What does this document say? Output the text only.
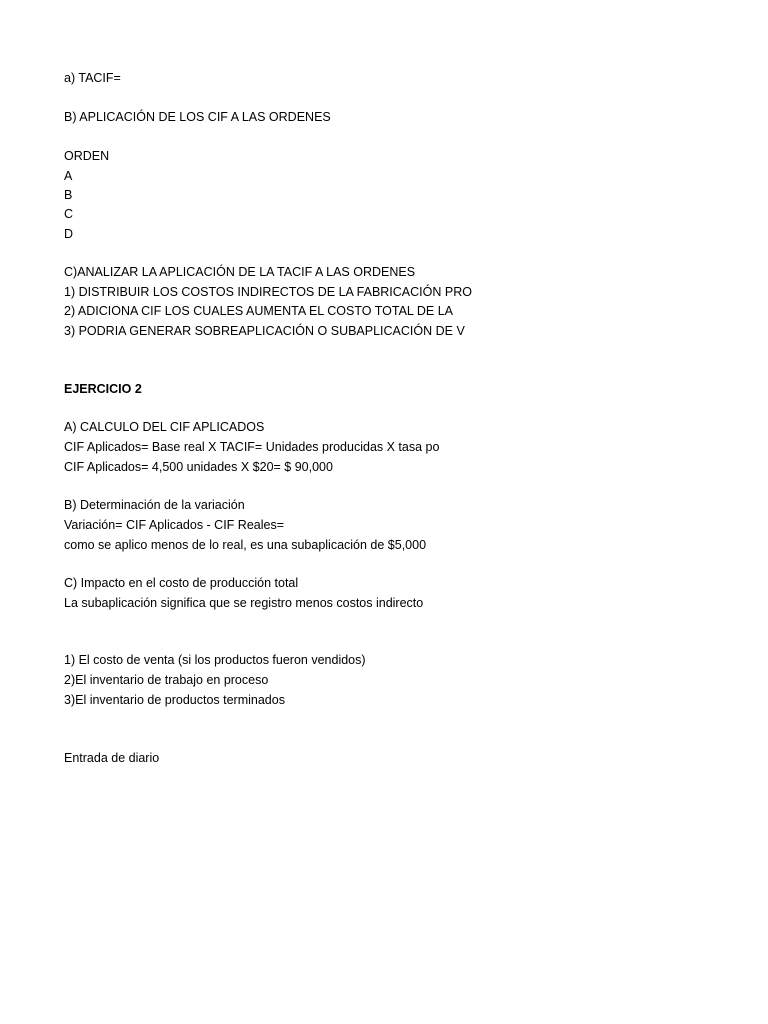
a) TACIF=
B) APLICACIÓN DE LOS CIF A LAS ORDENES
ORDEN
A
B
C
D
C)ANALIZAR LA APLICACIÓN DE LA TACIF A LAS ORDENES
1) DISTRIBUIR LOS COSTOS INDIRECTOS DE LA FABRICACIÓN PRO
2) ADICIONA CIF LOS CUALES AUMENTA EL COSTO TOTAL DE LA
3) PODRIA GENERAR SOBREAPLICACIÓN O SUBAPLICACIÓN DE V
EJERCICIO 2
A) CALCULO DEL CIF APLICADOS
CIF Aplicados= Base real X TACIF= Unidades producidas X tasa po
CIF Aplicados= 4,500 unidades X $20= $ 90,000
B) Determinación de la variación
Variación= CIF Aplicados - CIF Reales=
como se aplico menos de lo real, es una subaplicación de $5,000
C) Impacto en el costo de producción total
La subaplicación significa que se registro menos costos indirecto
1) El costo de venta (si los productos fueron vendidos)
2)El inventario de trabajo en proceso
3)El inventario de productos terminados
Entrada de diario
